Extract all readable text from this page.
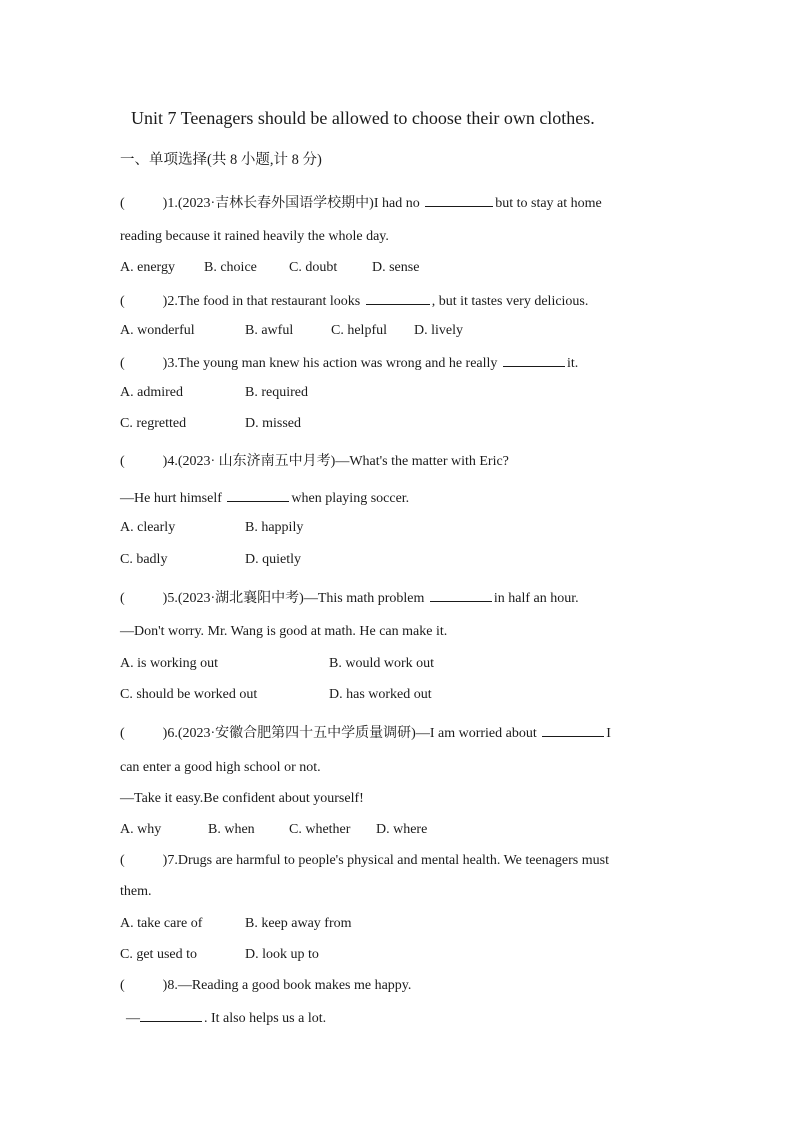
Unit 7 Teenagers should be allowed to choose their own clothes.
一、单项选择(共 8 小题,计 8 分)
(	)1.(2023·吉林长春外国语学校期中)I had no	but to stay at home
reading because it rained heavily the whole day.
A. energy B. choice C. doubt D. sense
(	)2.The food in that restaurant looks	, but it tastes very delicious.
A. wonderful	B. awful	C. helpful D. lively
(	)3.The young man knew his action was wrong and he really	it.
A. admired	B. required
C. regretted	D. missed
(	)4.(2023· 山东济南五中月考)—What's the matter with Eric?
—He hurt himself	when playing soccer.
A. clearly	B. happily
C. badly	D. quietly
(	)5.(2023·湖北襄阳中考)—This math problem	in half an hour.
—Don't worry. Mr. Wang is good at math. He can make it.
A. is working out	B. would work out
C. should be worked out	D. has worked out
(	)6.(2023·安徽合肥第四十五中学质量调研)—I am worried about	I
can enter a good high school or not.
—Take it easy.Be confident about yourself!
A. why	B. when C. whether D. where
(	)7.Drugs are harmful to people's physical and mental health. We teenagers must
them.
A. take care of	B. keep away from
C. get used to	D. look up to
(	)8.—Reading a good book makes me happy.
—	. It also helps us a lot.
